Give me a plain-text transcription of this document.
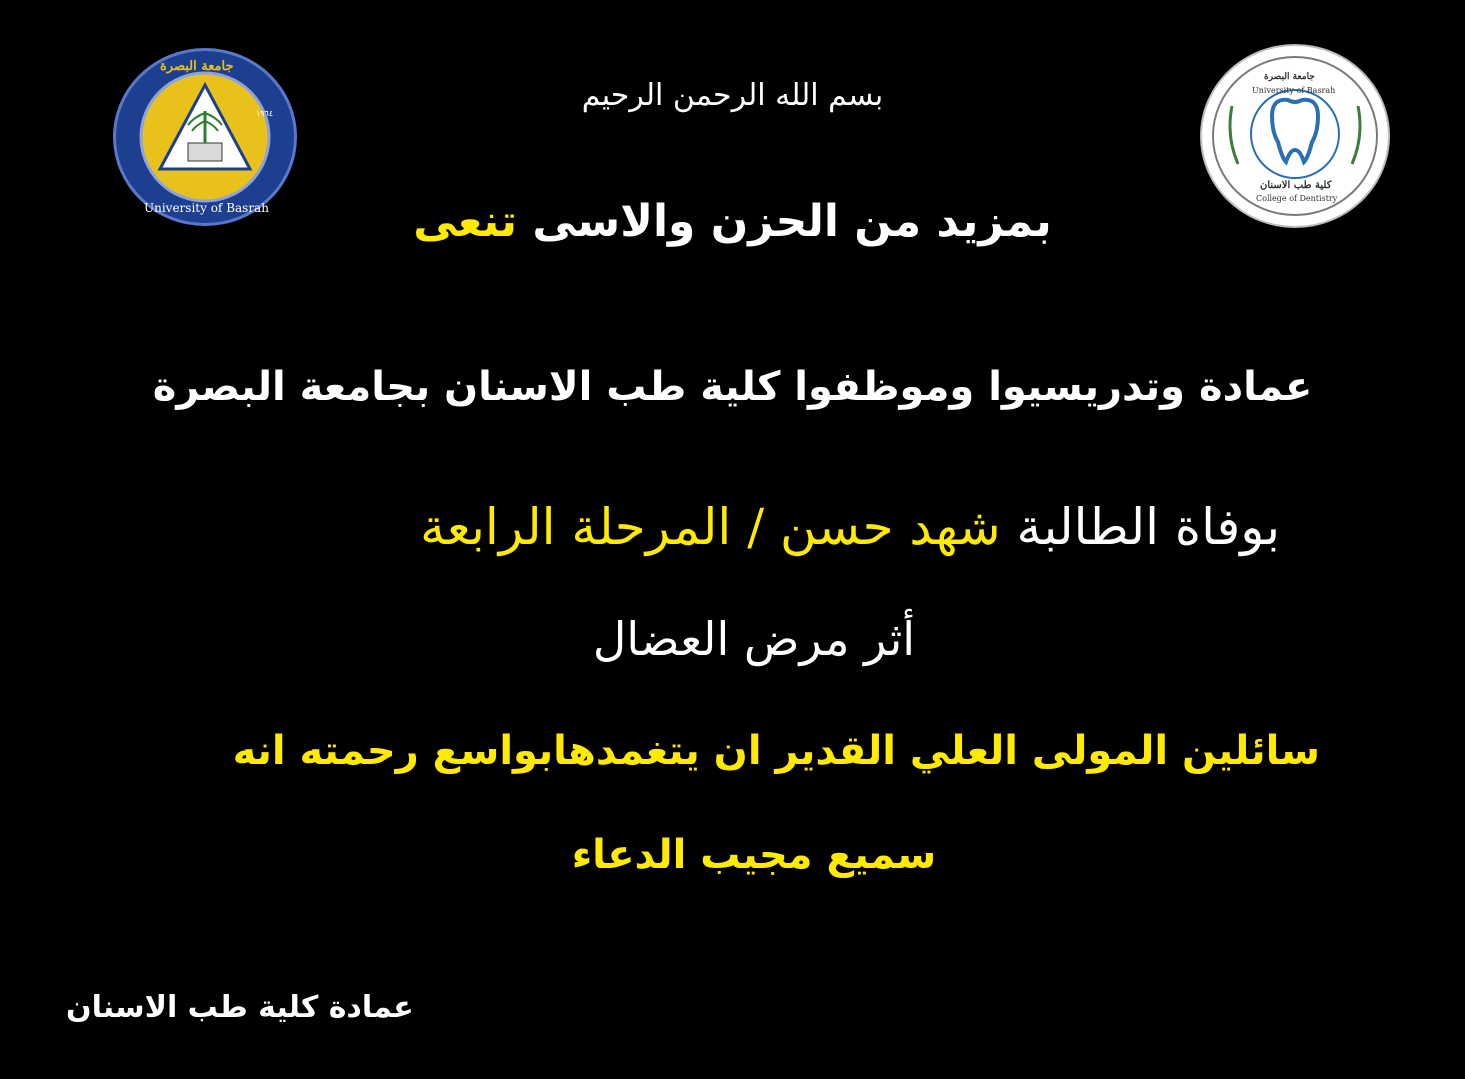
جامعة البصرة
University of Basrah
١٩٦٤
جامعة البصرة
University of Basrah
كلية طب الاسنان
College of Dentistry
بسم الله الرحمن الرحيم
بمزيد من الحزن والاسى تنعى
عمادة وتدريسيوا وموظفوا كلية طب الاسنان بجامعة البصرة
بوفاة الطالبة شهد حسن / المرحلة الرابعة
أثر مرض العضال
سائلين المولى العلي القدير ان يتغمدهابواسع رحمته انه
سميع مجيب الدعاء
عمادة كلية طب الاسنان
